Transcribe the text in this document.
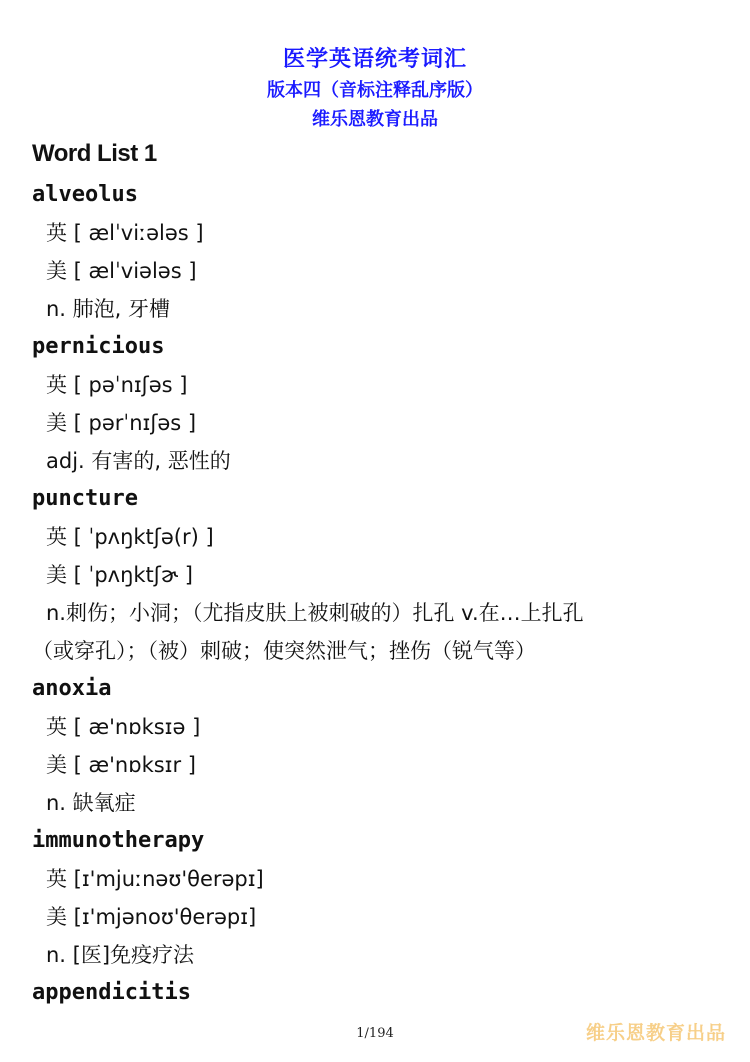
医学英语统考词汇
版本四（音标注释乱序版）
维乐恩教育出品
Word List 1
alveolus
英 [ ælˈviːələs ]
美 [ ælˈviələs ]
n. 肺泡, 牙槽
pernicious
英 [ pəˈnɪʃəs ]
美 [ pərˈnɪʃəs ]
adj. 有害的, 恶性的
puncture
英 [ ˈpʌŋktʃə(r) ]
美 [ ˈpʌŋktʃɚ ]
n.刺伤；小洞；（尤指皮肤上被刺破的）扎孔 v.在…上扎孔
（或穿孔）；（被）刺破；使突然泄气；挫伤（锐气等）
anoxia
英 [ æ'nɒksɪə ]
美 [ æ'nɒksɪr ]
n. 缺氧症
immunotherapy
英 [ɪ'mjuːnəʊ'θerəpɪ]
美 [ɪ'mjənoʊ'θerəpɪ]
n. [医]免疫疗法
appendicitis
1/194	维乐恩教育出品
